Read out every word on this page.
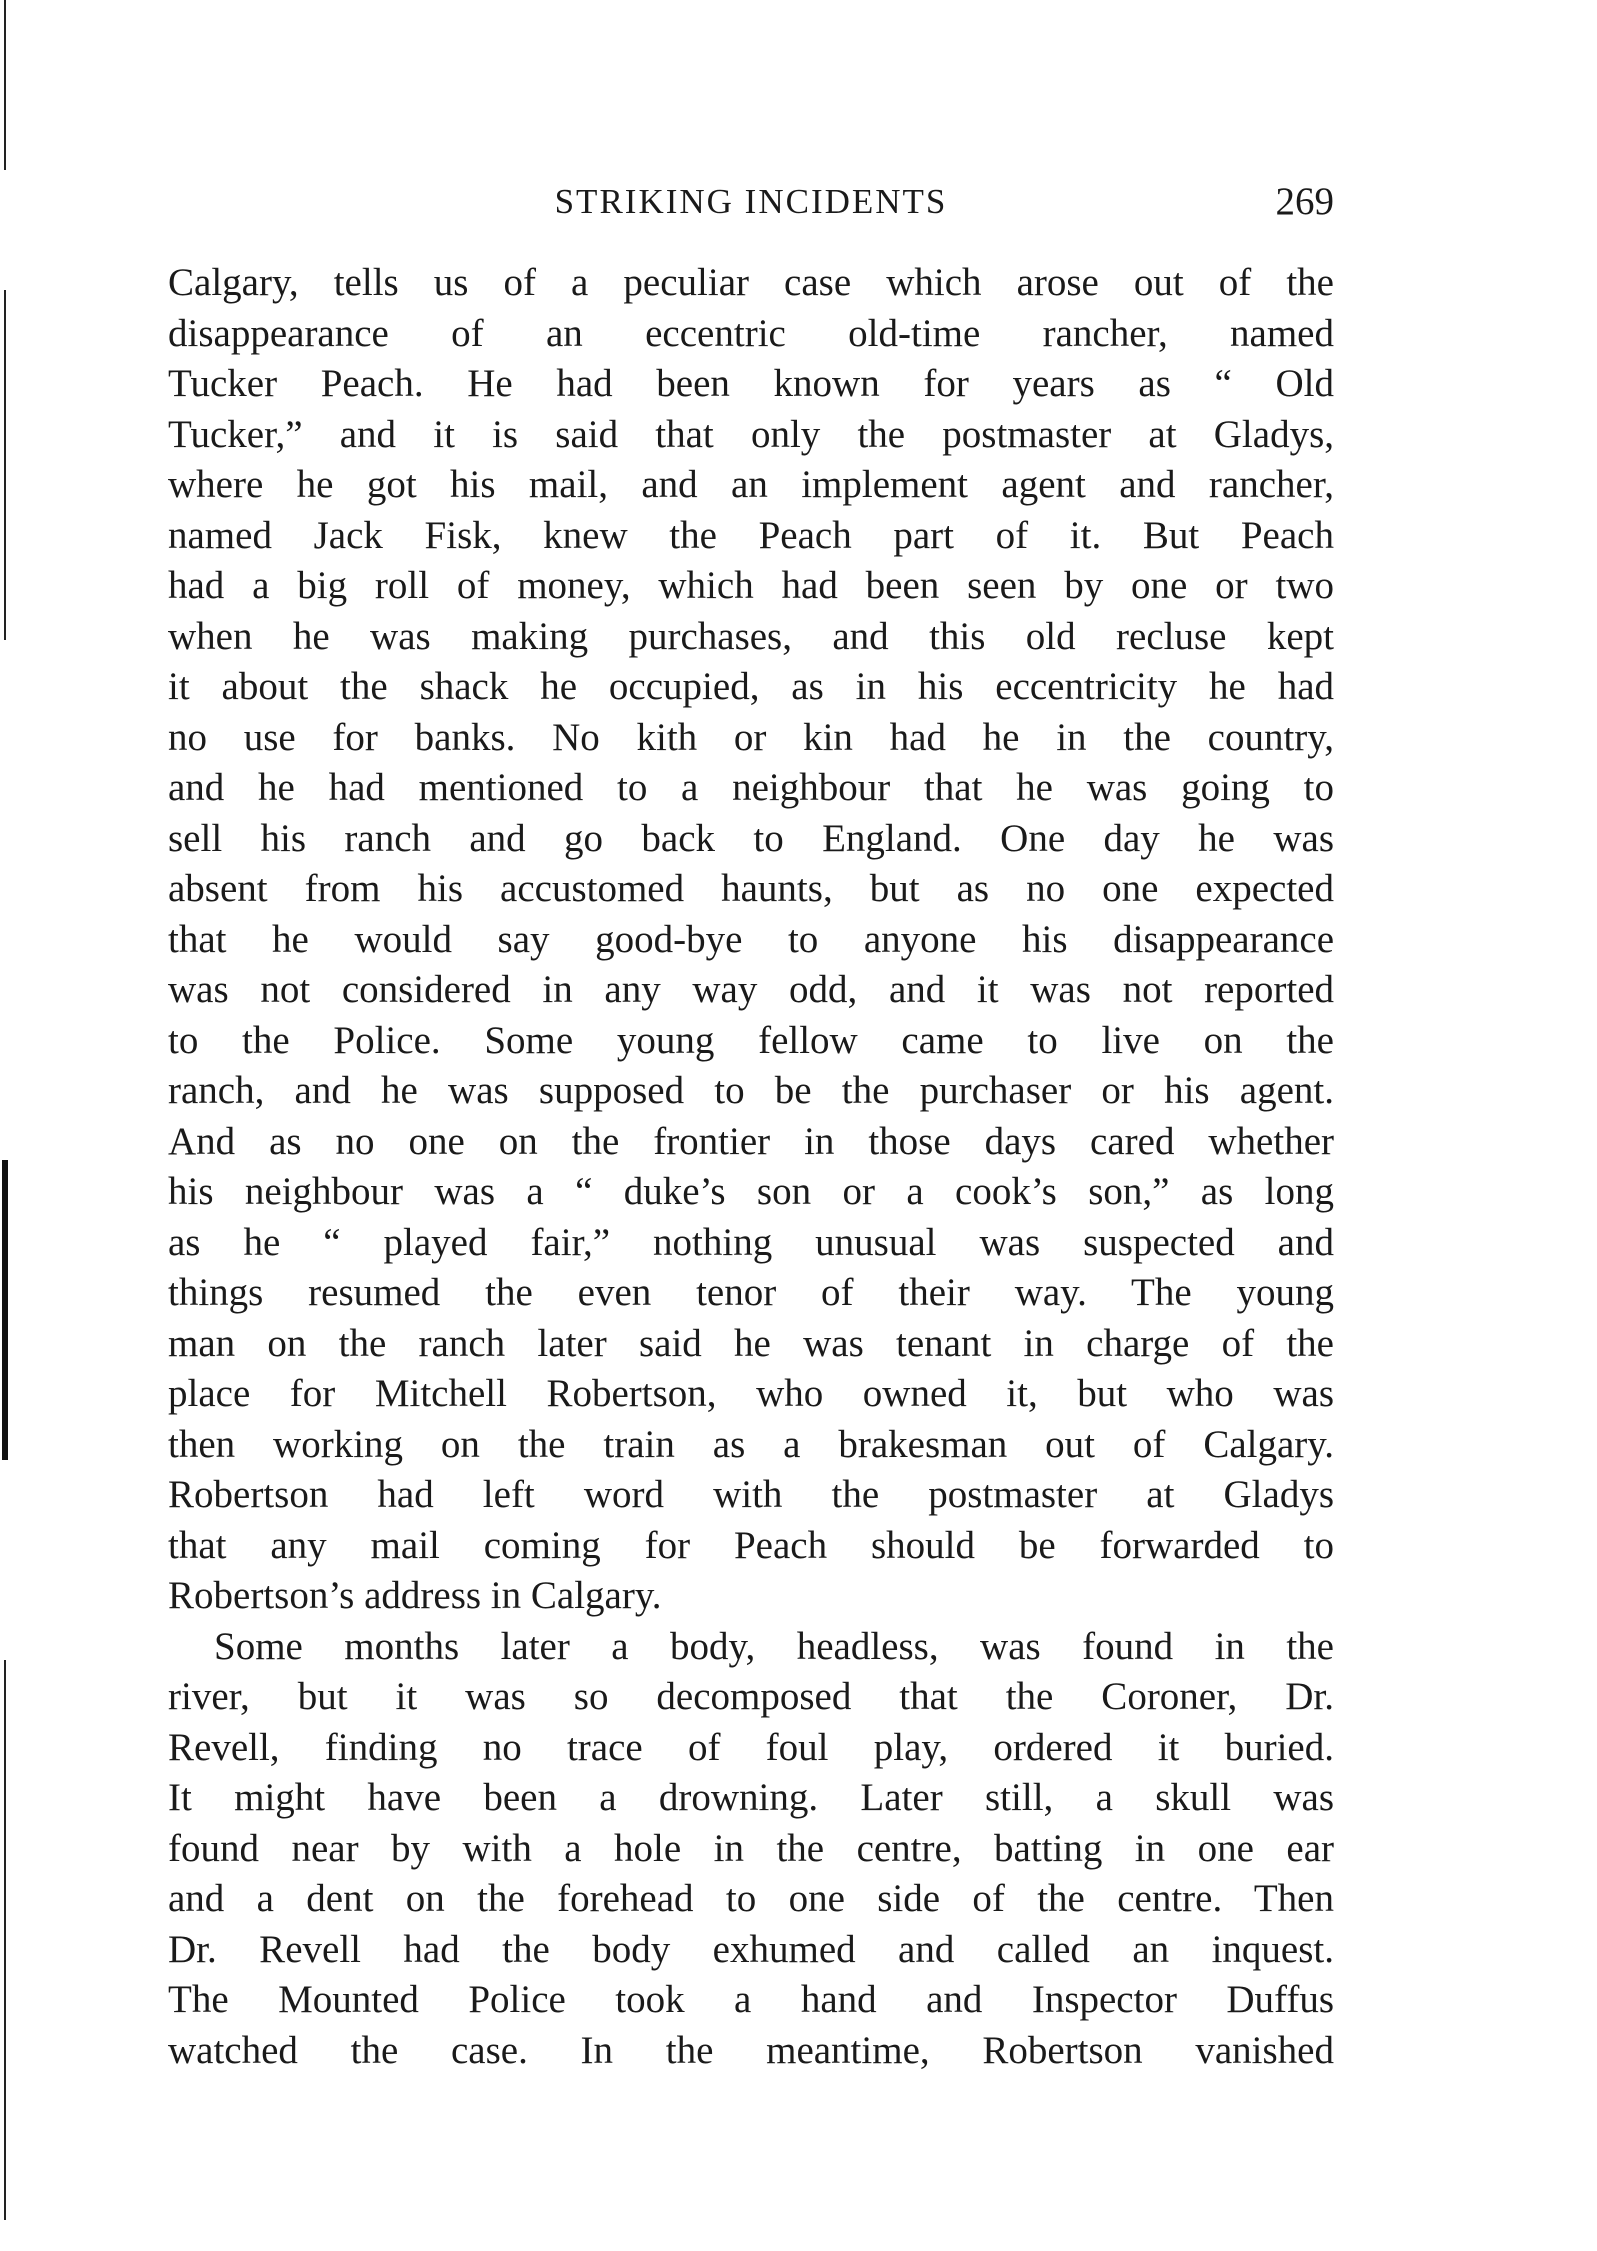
STRIKING INCIDENTS	269
Calgary, tells us of a peculiar case which arose out of the
disappearance of an eccentric old-time rancher, named
Tucker Peach. He had been known for years as “ Old
Tucker,” and it is said that only the postmaster at Gladys,
where he got his mail, and an implement agent and rancher,
named Jack Fisk, knew the Peach part of it. But Peach
had a big roll of money, which had been seen by one or two
when he was making purchases, and this old recluse kept
it about the shack he occupied, as in his eccentricity he had
no use for banks. No kith or kin had he in the country,
and he had mentioned to a neighbour that he was going to
sell his ranch and go back to England. One day he was
absent from his accustomed haunts, but as no one expected
that he would say good-bye to anyone his disappearance
was not considered in any way odd, and it was not reported
to the Police. Some young fellow came to live on the
ranch, and he was supposed to be the purchaser or his agent.
And as no one on the frontier in those days cared whether
his neighbour was a “ duke’s son or a cook’s son,” as long
as he “ played fair,” nothing unusual was suspected and
things resumed the even tenor of their way. The young
man on the ranch later said he was tenant in charge of the
place for Mitchell Robertson, who owned it, but who was
then working on the train as a brakesman out of Calgary.
Robertson had left word with the postmaster at Gladys
that any mail coming for Peach should be forwarded to
Robertson’s address in Calgary.
Some months later a body, headless, was found in the
river, but it was so decomposed that the Coroner, Dr.
Revell, finding no trace of foul play, ordered it buried.
It might have been a drowning. Later still, a skull was
found near by with a hole in the centre, batting in one ear
and a dent on the forehead to one side of the centre. Then
Dr. Revell had the body exhumed and called an inquest.
The Mounted Police took a hand and Inspector Duffus
watched the case. In the meantime, Robertson vanished
